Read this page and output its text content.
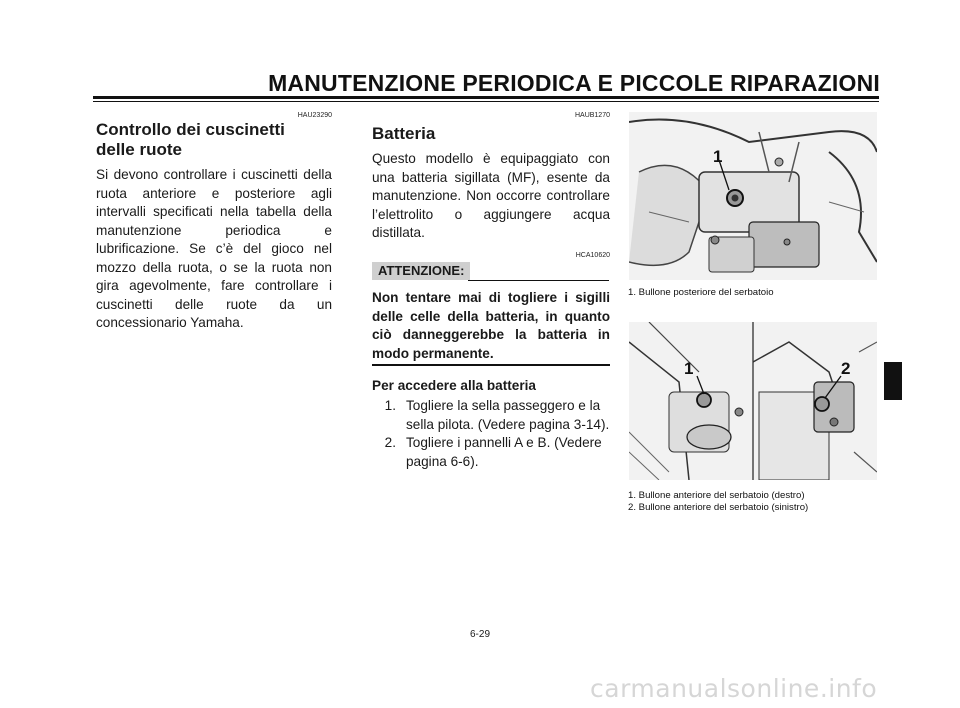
MANUTENZIONE PERIODICA E PICCOLE RIPARAZIONI
HAU23290
Controllo dei cuscinetti
delle ruote

Si devono controllare i cuscinetti della ruota anteriore e posteriore agli intervalli specificati nella tabella della manutenzione periodica e lubrificazione. Se c’è del gioco nel mozzo della ruota, o se la ruota non gira agevolmente, fare controllare i cuscinetti delle ruote da un concessionario Yamaha.

HAUB1270
Batteria

Questo modello è equipaggiato con una batteria sigillata (MF), esente da manutenzione. Non occorre controllare l’elettrolito o aggiungere acqua distillata.

HCA10620
ATTENZIONE:
Non tentare mai di togliere i sigilli delle celle della batteria, in quanto ciò danneggerebbe la batteria in modo permanente.
Per accedere alla batteria
1. Togliere la sella passeggero e la sella pilota. (Vedere pagina 3-14).
2. Togliere i pannelli A e B. (Vedere pagina 6-6).
1
1. Bullone posteriore del serbatoio
1	2
1. Bullone anteriore del serbatoio (destro)
2. Bullone anteriore del serbatoio (sinistro)
6-29
carmanualsonline.info
